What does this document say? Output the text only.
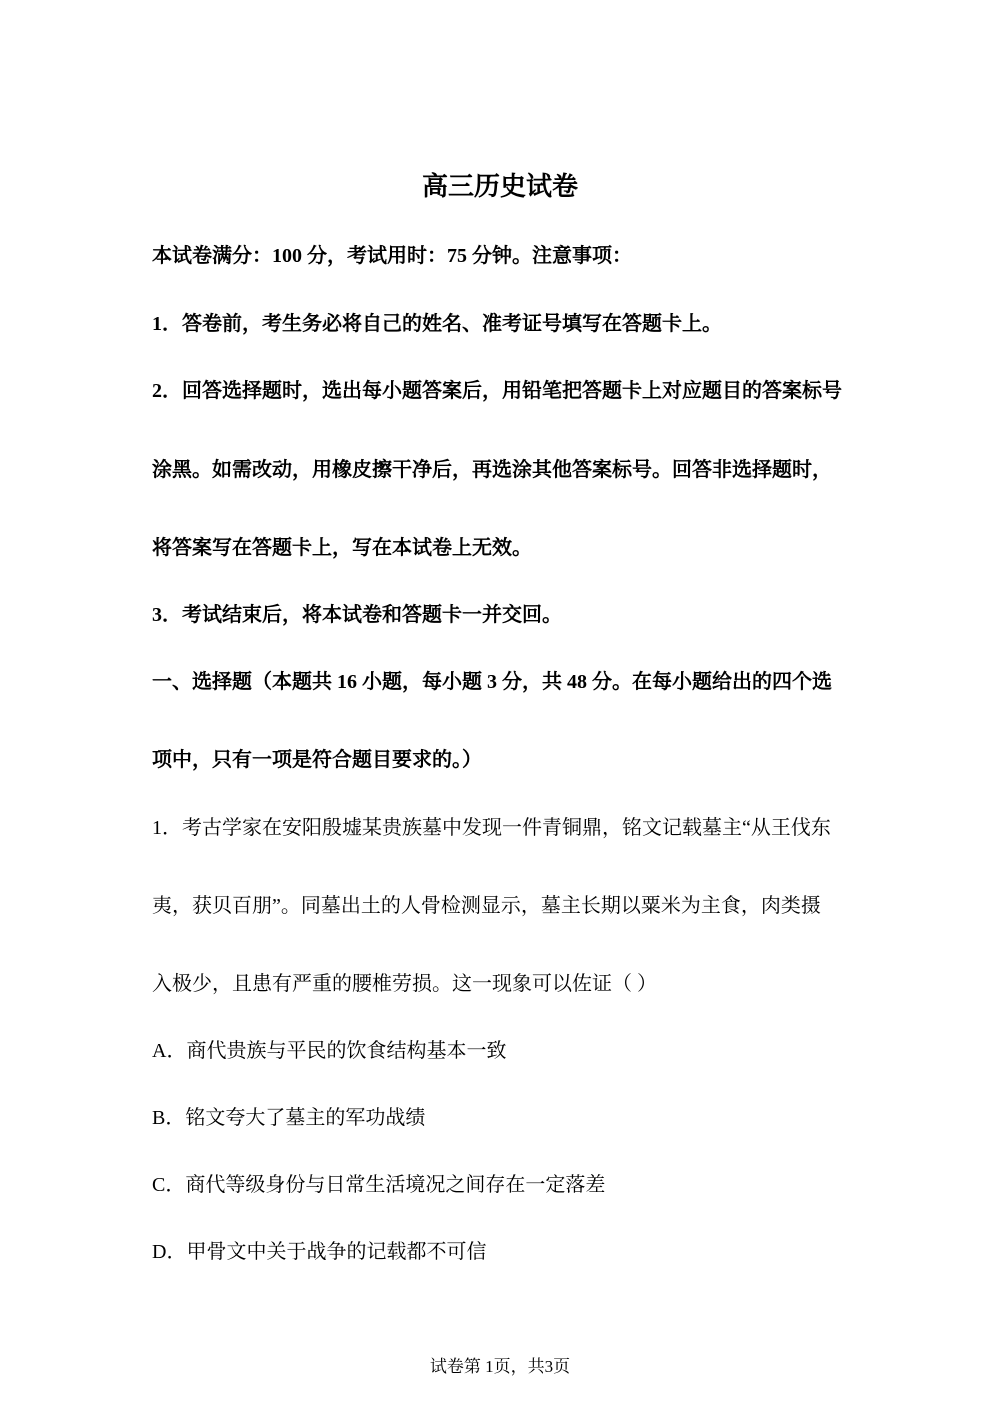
高三历史试卷
本试卷满分：100 分，考试用时：75 分钟。注意事项：
1．答卷前，考生务必将自己的姓名、准考证号填写在答题卡上。
2．回答选择题时，选出每小题答案后，用铅笔把答题卡上对应题目的答案标号
涂黑。如需改动，用橡皮擦干净后，再选涂其他答案标号。回答非选择题时，
将答案写在答题卡上，写在本试卷上无效。
3．考试结束后，将本试卷和答题卡一并交回。
一、选择题（本题共 16 小题，每小题 3 分，共 48 分。在每小题给出的四个选
项中，只有一项是符合题目要求的。）
1．考古学家在安阳殷墟某贵族墓中发现一件青铜鼎，铭文记载墓主“从王伐东
夷，获贝百朋”。同墓出土的人骨检测显示，墓主长期以粟米为主食，肉类摄
入极少，且患有严重的腰椎劳损。这一现象可以佐证（ ）
A．商代贵族与平民的饮食结构基本一致
B．铭文夸大了墓主的军功战绩
C．商代等级身份与日常生活境况之间存在一定落差
D．甲骨文中关于战争的记载都不可信
试卷第 1页，共3页
